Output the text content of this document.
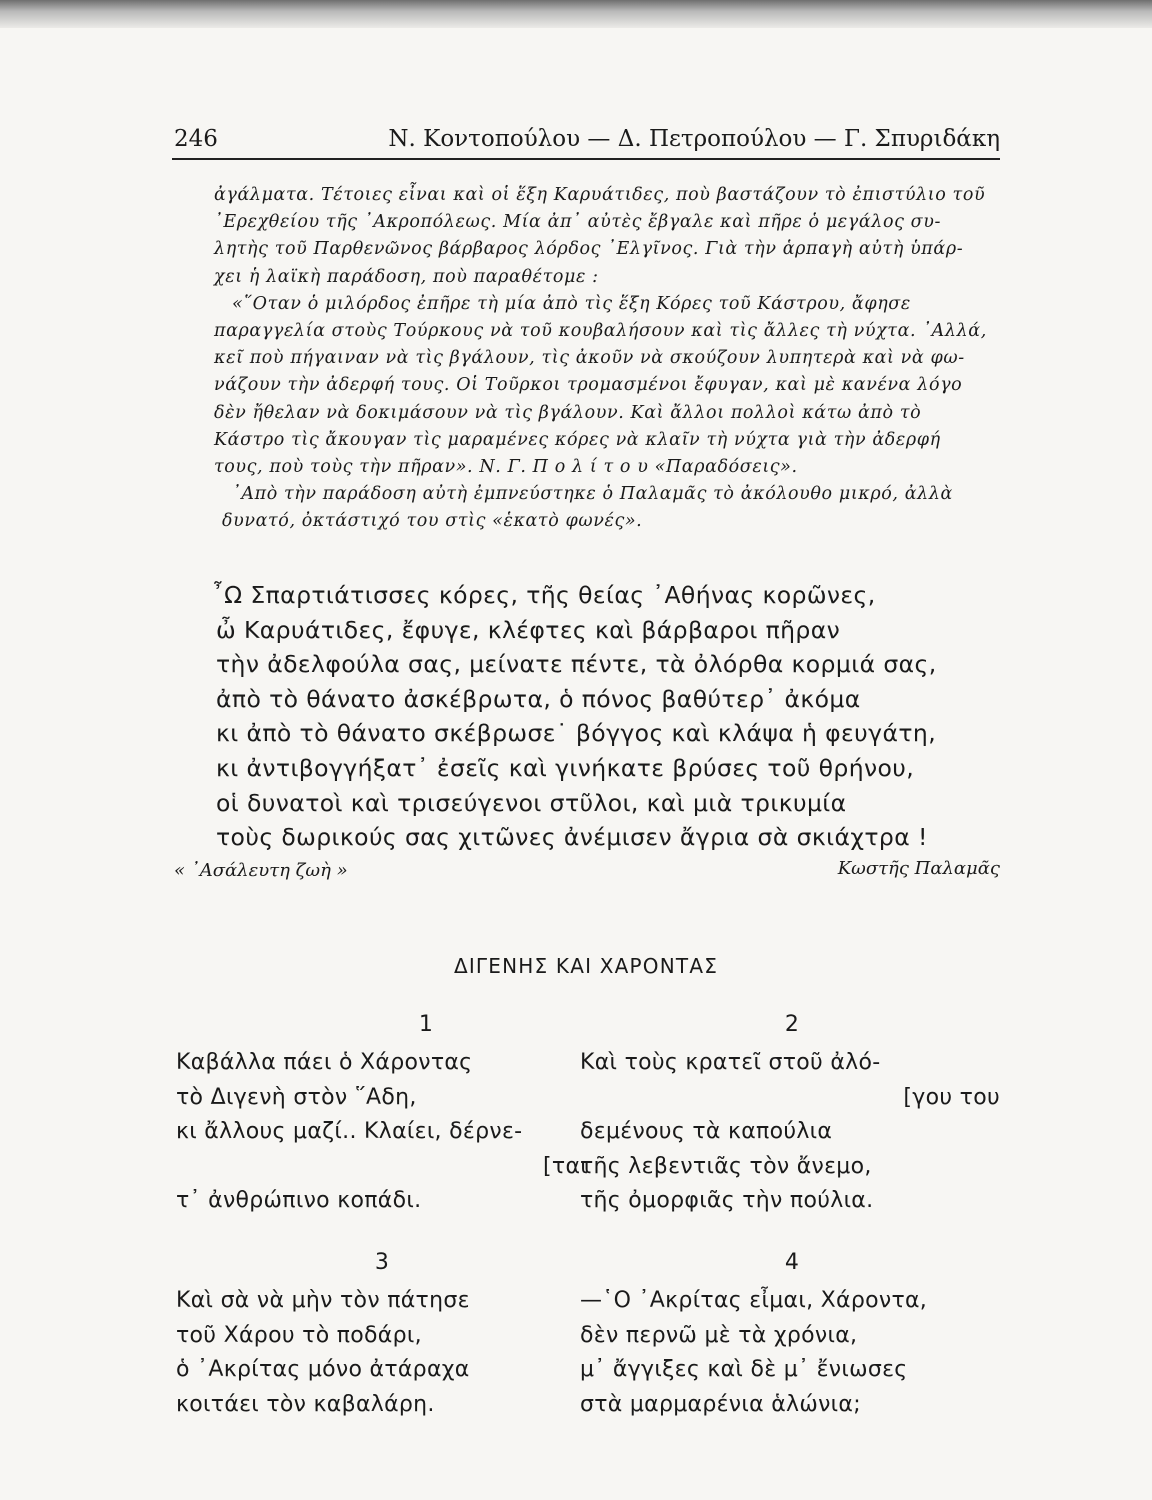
246	Ν. Κοντοπούλου — Δ. Πετροπούλου — Γ. Σπυριδάκη
ἀγάλματα. Τέτοιες εἶναι καὶ οἱ ἕξη Καρυάτιδες, ποὺ βαστάζουν τὸ ἐπιστύλιο τοῦ
᾿Ερεχθείου τῆς ᾿Ακροπόλεως. Μία ἀπ᾿ αὐτὲς ἔβγαλε καὶ πῆρε ὁ μεγάλος συ-
λητὴς τοῦ Παρθενῶνος βάρβαρος λόρδος ᾿Ελγῖνος. Γιὰ τὴν ἁρπαγὴ αὐτὴ ὑπάρ-
χει ἡ λαϊκὴ παράδοση, ποὺ παραθέτομε :
«῞Οταν ὁ μιλόρδος ἐπῆρε τὴ μία ἀπὸ τὶς ἕξη Κόρες τοῦ Κάστρου, ἄφησε
παραγγελία στοὺς Τούρκους νὰ τοῦ κουβαλήσουν καὶ τὶς ἄλλες τὴ νύχτα. ᾿Αλλά,
κεῖ ποὺ πήγαιναν νὰ τὶς βγάλουν, τὶς ἀκοῦν νὰ σκούζουν λυπητερὰ καὶ νὰ φω-
νάζουν τὴν ἀδερφή τους. Οἱ Τοῦρκοι τρομασμένοι ἔφυγαν, καὶ μὲ κανένα λόγο
δὲν ἤθελαν νὰ δοκιμάσουν νὰ τὶς βγάλουν. Καὶ ἄλλοι πολλοὶ κάτω ἀπὸ τὸ
Κάστρο τὶς ἄκουγαν τὶς μαραμένες κόρες νὰ κλαῖν τὴ νύχτα γιὰ τὴν ἀδερφή
τους, ποὺ τοὺς τὴν πῆραν». Ν. Γ. Π ο λ ί τ ο υ «Παραδόσεις».
᾿Απὸ τὴν παράδοση αὐτὴ ἐμπνεύστηκε ὁ Παλαμᾶς τὸ ἀκόλουθο μικρό, ἀλλὰ
δυνατό, ὀκτάστιχό του στὶς «ἑκατὸ φωνές».
῏Ω Σπαρτιάτισσες κόρες, τῆς θείας ᾿Αθήνας κορῶνες,
ὦ Καρυάτιδες, ἔφυγε, κλέφτες καὶ βάρβαροι πῆραν
τὴν ἀδελφούλα σας, μείνατε πέντε, τὰ ὀλόρθα κορμιά σας,
ἀπὸ τὸ θάνατο ἀσκέβρωτα, ὁ πόνος βαθύτερ᾿ ἀκόμα
κι ἀπὸ τὸ θάνατο σκέβρωσε˙ βόγγος καὶ κλάψα ἡ φευγάτη,
κι ἀντιβογγήξατ᾿ ἐσεῖς καὶ γινήκατε βρύσες τοῦ θρήνου,
οἱ δυνατοὶ καὶ τρισεύγενοι στῦλοι, καὶ μιὰ τρικυμία
τοὺς δωρικούς σας χιτῶνες ἀνέμισεν ἄγρια σὰ σκιάχτρα !
« ᾿Ασάλευτη ζωὴ »	Κωστῆς Παλαμᾶς
ΔΙΓΕΝΗΣ ΚΑΙ ΧΑΡΟΝΤΑΣ
1
Καβάλλα πάει ὁ Χάροντας
τὸ Διγενὴ στὸν ῞Αδη,
κι ἄλλους μαζί.. Κλαίει, δέρνε-
[ται
τ᾿ ἀνθρώπινο κοπάδι.
2
Καὶ τοὺς κρατεῖ στοῦ ἀλό-
[γου του
δεμένους τὰ καπούλια
τῆς λεβεντιᾶς τὸν ἄνεμο,
τῆς ὀμορφιᾶς τὴν πούλια.
3
Καὶ σὰ νὰ μὴν τὸν πάτησε
τοῦ Χάρου τὸ ποδάρι,
ὁ ᾿Ακρίτας μόνο ἀτάραχα
κοιτάει τὸν καβαλάρη.
4
—῾Ο ᾿Ακρίτας εἶμαι, Χάροντα,
δὲν περνῶ μὲ τὰ χρόνια,
μ᾿ ἄγγιξες καὶ δὲ μ᾿ ἔνιωσες
στὰ μαρμαρένια ἁλώνια;
